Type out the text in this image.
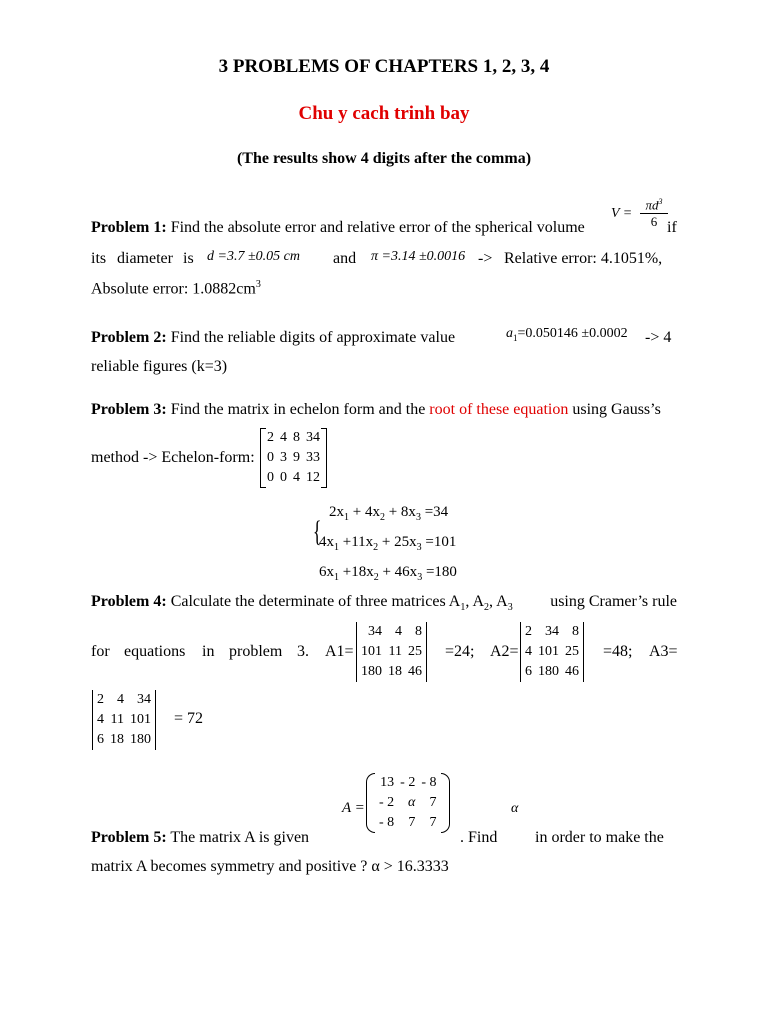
3 PROBLEMS OF CHAPTERS 1, 2, 3, 4
Chu y cach trinh bay
(The results show 4 digits after the comma)
Problem 1: Find the absolute error and relative error of the spherical volume
V =
$\pi d^3$
6 if
its diameter is d =3.7 ±0.05 cm and π =3.14 ±0.0016 -> Relative error: 4.1051%,
Absolute error: $1.0882cm^3$
Problem 2: Find the reliable digits of approximate value	$a_1=0.050146 \pm 0.0002 -> 4$
reliable figures (k=3)
Problem 3: Find the matrix in echelon form and the root of these equation using Gauss’s
method -> Echelon-form:
2	4	8	34
0	3	9	33
0	0	4	12
{
$2x_1 + 4x_2 + 8x_3 =34$
$4x_1 +11x_2 + 25x_3 =101$
$6x_1 +18x_2 + 46x_3 =180$
Problem 4: Calculate the determinate of three matrices $A_1$, $A_2$, $A_3$ using Cramer’s rule
for equations in problem 3. A1=
34	4	8
101	11	25
180	18	46
=24; A2=
2	34	8
4	101	25
6	180	46
=48; A3=
2	4	34
4	11	101
6	18	180
= 72
A =
13	- 2	- 8
- 2	α	7
- 8	7	7
α
Problem 5: The matrix A is given	. Find in order to make the
matrix A becomes symmetry and positive ? α > 16.3333
